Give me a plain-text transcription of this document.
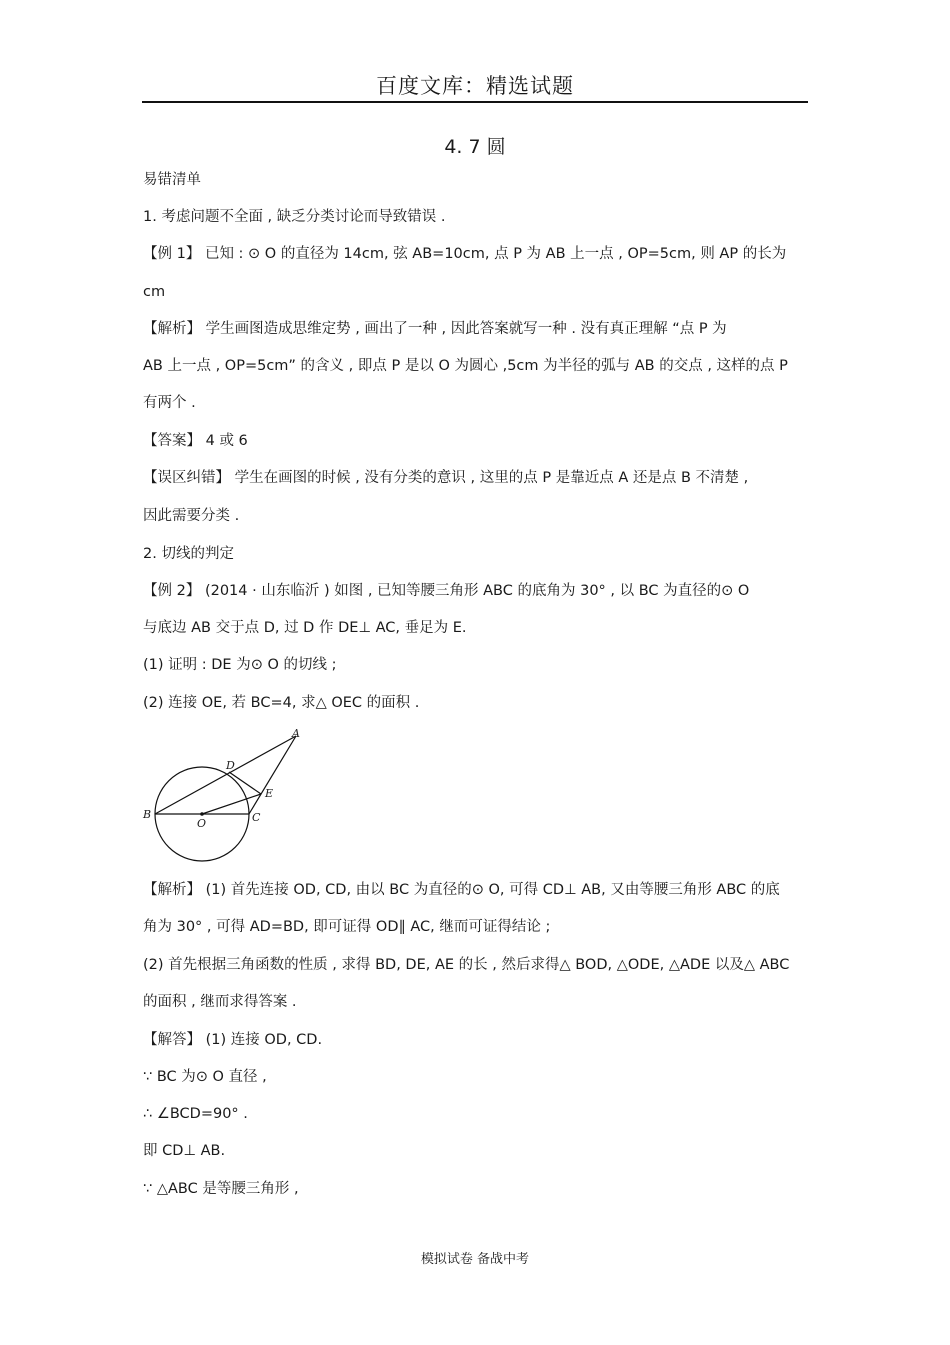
百度文库：精选试题
4. 7 圆
易错清单
1. 考虑问题不全面 , 缺乏分类讨论而导致错误 .
【例 1】 已知 : ⊙ O 的直径为 14cm, 弦 AB=10cm, 点 P 为 AB 上一点 , OP=5cm, 则 AP 的长为
cm
【解析】 学生画图造成思维定势 , 画出了一种 , 因此答案就写一种 . 没有真正理解 “点 P 为
AB 上一点 , OP=5cm” 的含义 , 即点 P 是以 O 为圆心 ,5cm 为半径的弧与 AB 的交点 , 这样的点 P
有两个 .
【答案】 4 或 6
【误区纠错】 学生在画图的时候 , 没有分类的意识 , 这里的点 P 是靠近点 A 还是点 B 不清楚 ,
因此需要分类 .
2. 切线的判定
【例 2】 (2014 · 山东临沂 ) 如图 , 已知等腰三角形 ABC 的底角为 30° , 以 BC 为直径的⊙ O
与底边 AB 交于点 D, 过 D 作 DE⊥ AC, 垂足为 E.
(1) 证明 : DE 为⊙ O 的切线 ;
(2) 连接 OE, 若 BC=4, 求△ OEC 的面积 .
A
B	C
D
E
O
【解析】 (1) 首先连接 OD, CD, 由以 BC 为直径的⊙ O, 可得 CD⊥ AB, 又由等腰三角形 ABC 的底
角为 30° , 可得 AD=BD, 即可证得 OD∥ AC, 继而可证得结论 ;
(2) 首先根据三角函数的性质 , 求得 BD, DE, AE 的长 , 然后求得△ BOD, △ODE, △ADE 以及△ ABC
的面积 , 继而求得答案 .
【解答】 (1) 连接 OD, CD.
∵ BC 为⊙ O 直径 ,
∴ ∠BCD=90° .
即 CD⊥ AB.
∵ △ABC 是等腰三角形 ,
模拟试卷 备战中考
